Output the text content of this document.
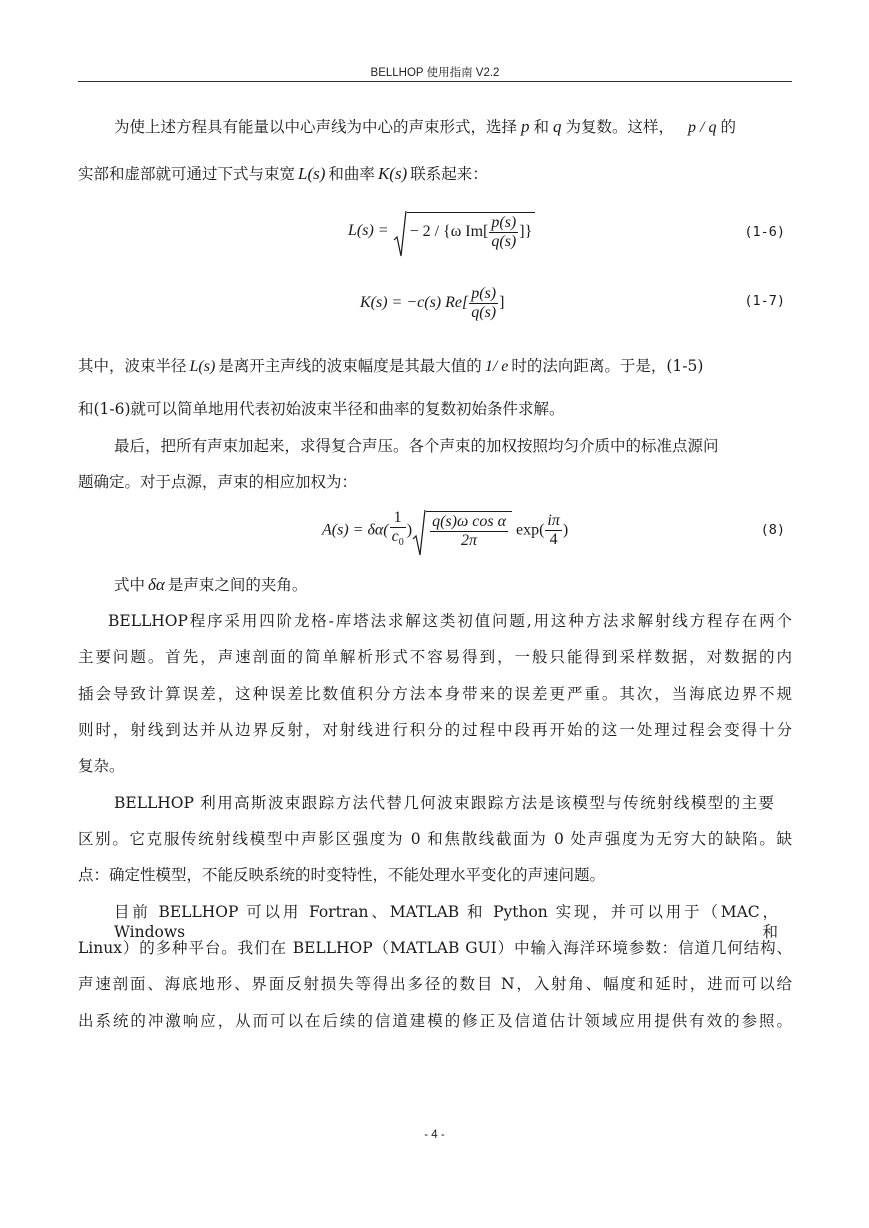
BELLHOP 使用指南 V2.2
为使上述方程具有能量以中心声线为中心的声束形式，选择 p 和 q 为复数。这样， p / q 的
实部和虚部就可通过下式与束宽 L(s) 和曲率 K(s) 联系起来：
L(s) =
− 2 / {ω $Im[ \frac{p(s)}{q(s)}$ ]}	(1-6)
K(s) = −c(s) $Re[ \frac{p(s)}{q(s)}$ ]	(1-7)
其中，波束半径 L(s) 是离开主声线的波束幅度是其最大值的 1/ e 时的法向距离。于是，(1-5)
和(1-6)就可以简单地用代表初始波束半径和曲率的复数初始条件求解。
最后，把所有声束加起来，求得复合声压。各个声束的加权按照均匀介质中的标准点源问
题确定。对于点源，声束的相应加权为：
$A(s) = \delta\alpha( \frac{1}{c_0}$ ) $\frac{\text{q(s)ω cos α}}{2\pi} \exp( \frac{i\pi}{4}$ )	(8)
式中 δα 是声束之间的夹角。
BELLHOP程序采用四阶龙格-库塔法求解这类初值问题,用这种方法求解射线方程存在两个
主要问题。首先，声速剖面的简单解析形式不容易得到，一般只能得到采样数据，对数据的内
插会导致计算误差，这种误差比数值积分方法本身带来的误差更严重。其次，当海底边界不规
则时，射线到达并从边界反射，对射线进行积分的过程中段再开始的这一处理过程会变得十分
复杂。
BELLHOP 利用高斯波束跟踪方法代替几何波束跟踪方法是该模型与传统射线模型的主要
区别。它克服传统射线模型中声影区强度为 0 和焦散线截面为 0 处声强度为无穷大的缺陷。缺
点：确定性模型，不能反映系统的时变特性，不能处理水平变化的声速问题。
目前 BELLHOP 可以用 Fortran、MATLAB 和 Python 实现，并可以用于（MAC，Windows 和
Linux）的多种平台。我们在 BELLHOP（MATLAB GUI）中输入海洋环境参数：信道几何结构、
声速剖面、海底地形、界面反射损失等得出多径的数目 N，入射角、幅度和延时，进而可以给
出系统的冲激响应，从而可以在后续的信道建模的修正及信道估计领域应用提供有效的参照。
- 4 -
